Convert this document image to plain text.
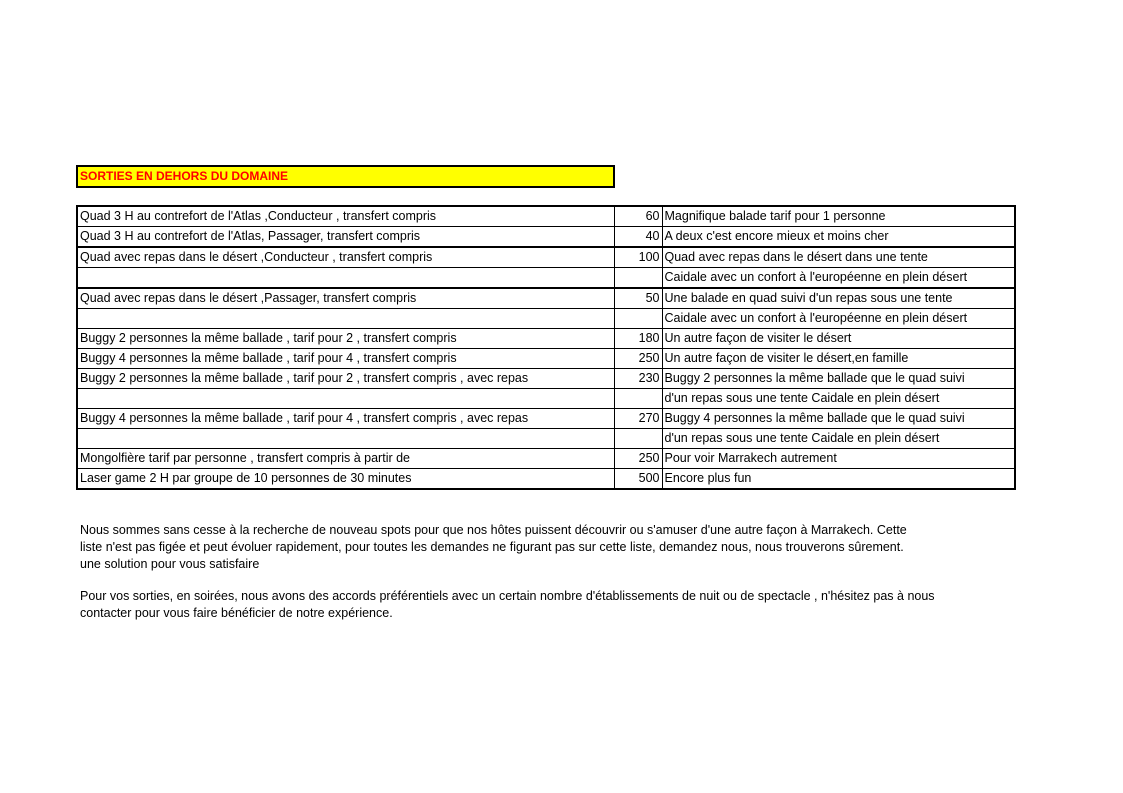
SORTIES EN DEHORS DU DOMAINE
Quad 3 H au contrefort de l'Atlas ,Conducteur , transfert compris	60	Magnifique balade tarif pour 1 personne
Quad 3 H au contrefort de l'Atlas, Passager, transfert compris	40	A deux c'est encore mieux et moins cher
Quad avec repas dans le désert ,Conducteur , transfert compris	100	Quad avec repas dans le désert dans une tente
		Caidale avec un confort à l'européenne en plein désert
Quad avec repas dans le désert ,Passager, transfert compris	50	Une balade en quad suivi d'un repas sous une tente
		Caidale avec un confort à l'européenne en plein désert
Buggy 2 personnes la même ballade , tarif pour 2 , transfert compris	180	Un autre façon de visiter le désert
Buggy 4 personnes la même ballade , tarif pour 4 , transfert compris	250	Un autre façon de visiter le désert,en famille
Buggy 2 personnes la même ballade , tarif pour 2 , transfert compris , avec repas	230	Buggy 2 personnes la même ballade que le quad suivi
		d'un repas sous une tente Caidale en plein désert
Buggy 4 personnes la même ballade , tarif pour 4 , transfert compris , avec repas	270	Buggy 4 personnes la même ballade que le quad suivi
		d'un repas sous une tente Caidale en plein désert
Mongolfière tarif par personne , transfert compris à partir de	250	Pour voir Marrakech autrement
Laser game 2 H par groupe de 10 personnes de 30 minutes	500	Encore plus fun
Nous sommes sans cesse à la recherche de nouveau spots pour que nos hôtes puissent découvrir ou s'amuser d'une autre façon à Marrakech. Cette
liste n'est pas figée et peut évoluer rapidement, pour toutes les demandes ne figurant pas sur cette liste, demandez nous, nous trouverons sûrement.
une solution pour vous satisfaire
Pour vos sorties, en soirées, nous avons des accords préférentiels avec un certain nombre d'établissements de nuit ou de spectacle , n'hésitez pas à nous
contacter pour vous faire bénéficier de notre expérience.
